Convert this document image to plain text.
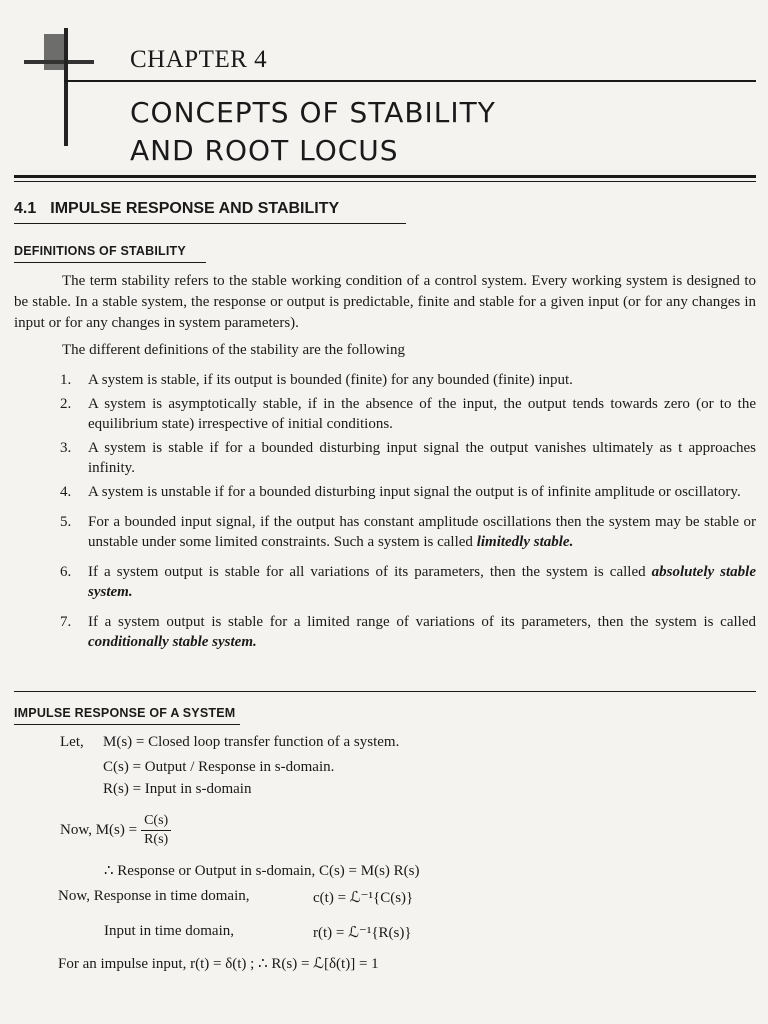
CHAPTER 4
CONCEPTS OF STABILITY
AND ROOT LOCUS
4.1 IMPULSE RESPONSE AND STABILITY
DEFINITIONS OF STABILITY
The term stability refers to the stable working condition of a control system. Every working system is designed to be stable. In a stable system, the response or output is predictable, finite and stable for a given input (or for any changes in input or for any changes in system parameters).
The different definitions of the stability are the following
1. A system is stable, if its output is bounded (finite) for any bounded (finite) input.
2. A system is asymptotically stable, if in the absence of the input, the output tends towards zero (or to the equilibrium state) irrespective of initial conditions.
3. A system is stable if for a bounded disturbing input signal the output vanishes ultimately as t approaches infinity.
4. A system is unstable if for a bounded disturbing input signal the output is of infinite amplitude or oscillatory.
5. For a bounded input signal, if the output has constant amplitude oscillations then the system may be stable or unstable under some limited constraints. Such a system is called limitedly stable.
6. If a system output is stable for all variations of its parameters, then the system is called absolutely stable system.
7. If a system output is stable for a limited range of variations of its parameters, then the system is called conditionally stable system.
IMPULSE RESPONSE OF A SYSTEM
Let, M(s) = Closed loop transfer function of a system.
C(s) = Output / Response in s-domain.
R(s) = Input in s-domain
Now, $M(s) = \frac{C(s)}{R(s)}$
∴ Response or Output in s-domain, C(s) = M(s) R(s)
Now, Response in time domain,	c(t) = ℒ⁻¹{C(s)}
Input in time domain,	r(t) = ℒ⁻¹{R(s)}
For an impulse input, r(t) = δ(t) ; ∴ R(s) = ℒ[δ(t)] = 1
